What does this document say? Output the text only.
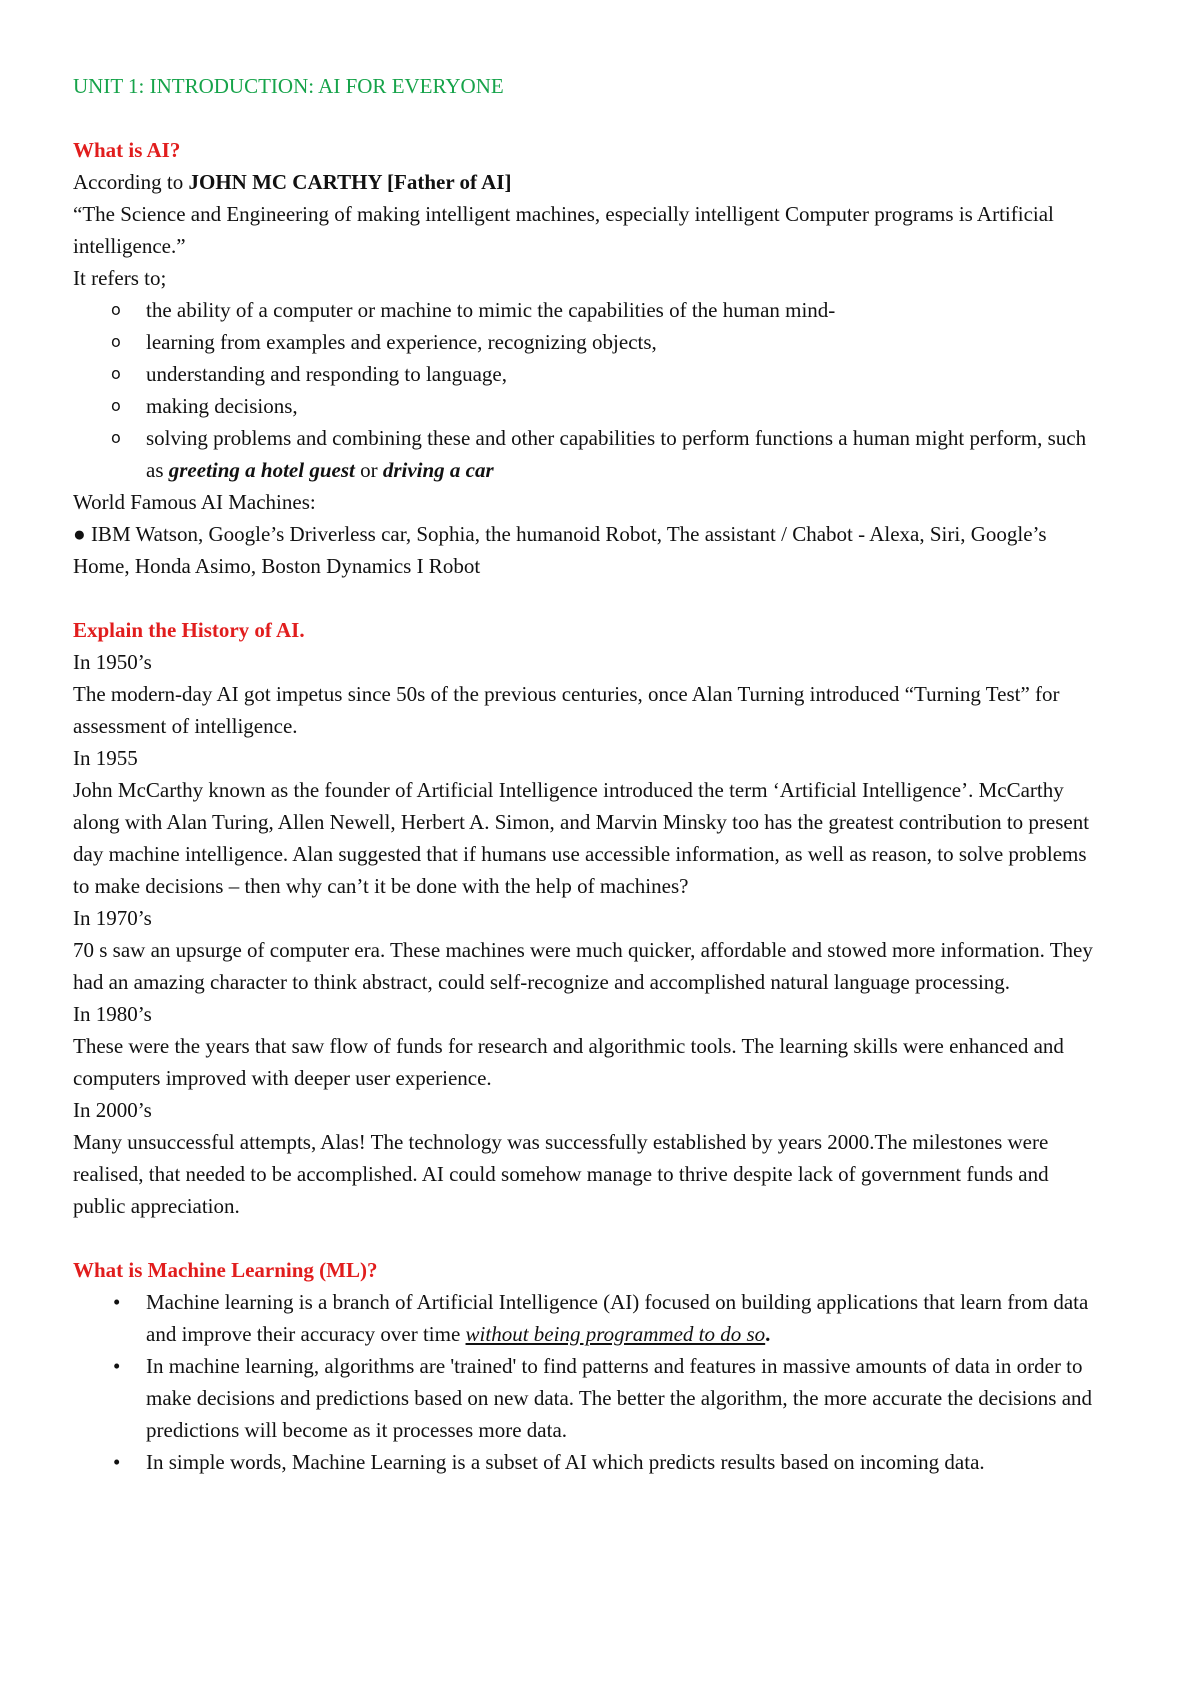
UNIT 1: INTRODUCTION: AI FOR EVERYONE

What is AI?

According to JOHN MC CARTHY [Father of AI]

“The Science and Engineering of making intelligent machines, especially intelligent Computer programs is Artificial intelligence.”

It refers to;

o the ability of a computer or machine to mimic the capabilities of the human mind-
o learning from examples and experience, recognizing objects,
o understanding and responding to language,
o making decisions,
o solving problems and combining these and other capabilities to perform functions a human might perform, such as greeting a hotel guest or driving a car

World Famous AI Machines:

● IBM Watson, Google’s Driverless car, Sophia, the humanoid Robot, The assistant / Chabot - Alexa, Siri, Google’s Home, Honda Asimo, Boston Dynamics I Robot

Explain the History of AI.

In 1950’s

The modern-day AI got impetus since 50s of the previous centuries, once Alan Turning introduced “Turning Test” for assessment of intelligence.

In 1955

John McCarthy known as the founder of Artificial Intelligence introduced the term ‘Artificial Intelligence’. McCarthy along with Alan Turing, Allen Newell, Herbert A. Simon, and Marvin Minsky too has the greatest contribution to present day machine intelligence. Alan suggested that if humans use accessible information, as well as reason, to solve problems to make decisions – then why can’t it be done with the help of machines?

In 1970’s

70 s saw an upsurge of computer era. These machines were much quicker, affordable and stowed more information. They had an amazing character to think abstract, could self-recognize and accomplished natural language processing.

In 1980’s

These were the years that saw flow of funds for research and algorithmic tools. The learning skills were enhanced and computers improved with deeper user experience.

In 2000’s

Many unsuccessful attempts, Alas! The technology was successfully established by years 2000.The milestones were realised, that needed to be accomplished. AI could somehow manage to thrive despite lack of government funds and public appreciation.

What is Machine Learning (ML)?

• Machine learning is a branch of Artificial Intelligence (AI) focused on building applications that learn from data and improve their accuracy over time without being programmed to do so.
• In machine learning, algorithms are 'trained' to find patterns and features in massive amounts of data in order to make decisions and predictions based on new data. The better the algorithm, the more accurate the decisions and predictions will become as it processes more data.
• In simple words, Machine Learning is a subset of AI which predicts results based on incoming data.
